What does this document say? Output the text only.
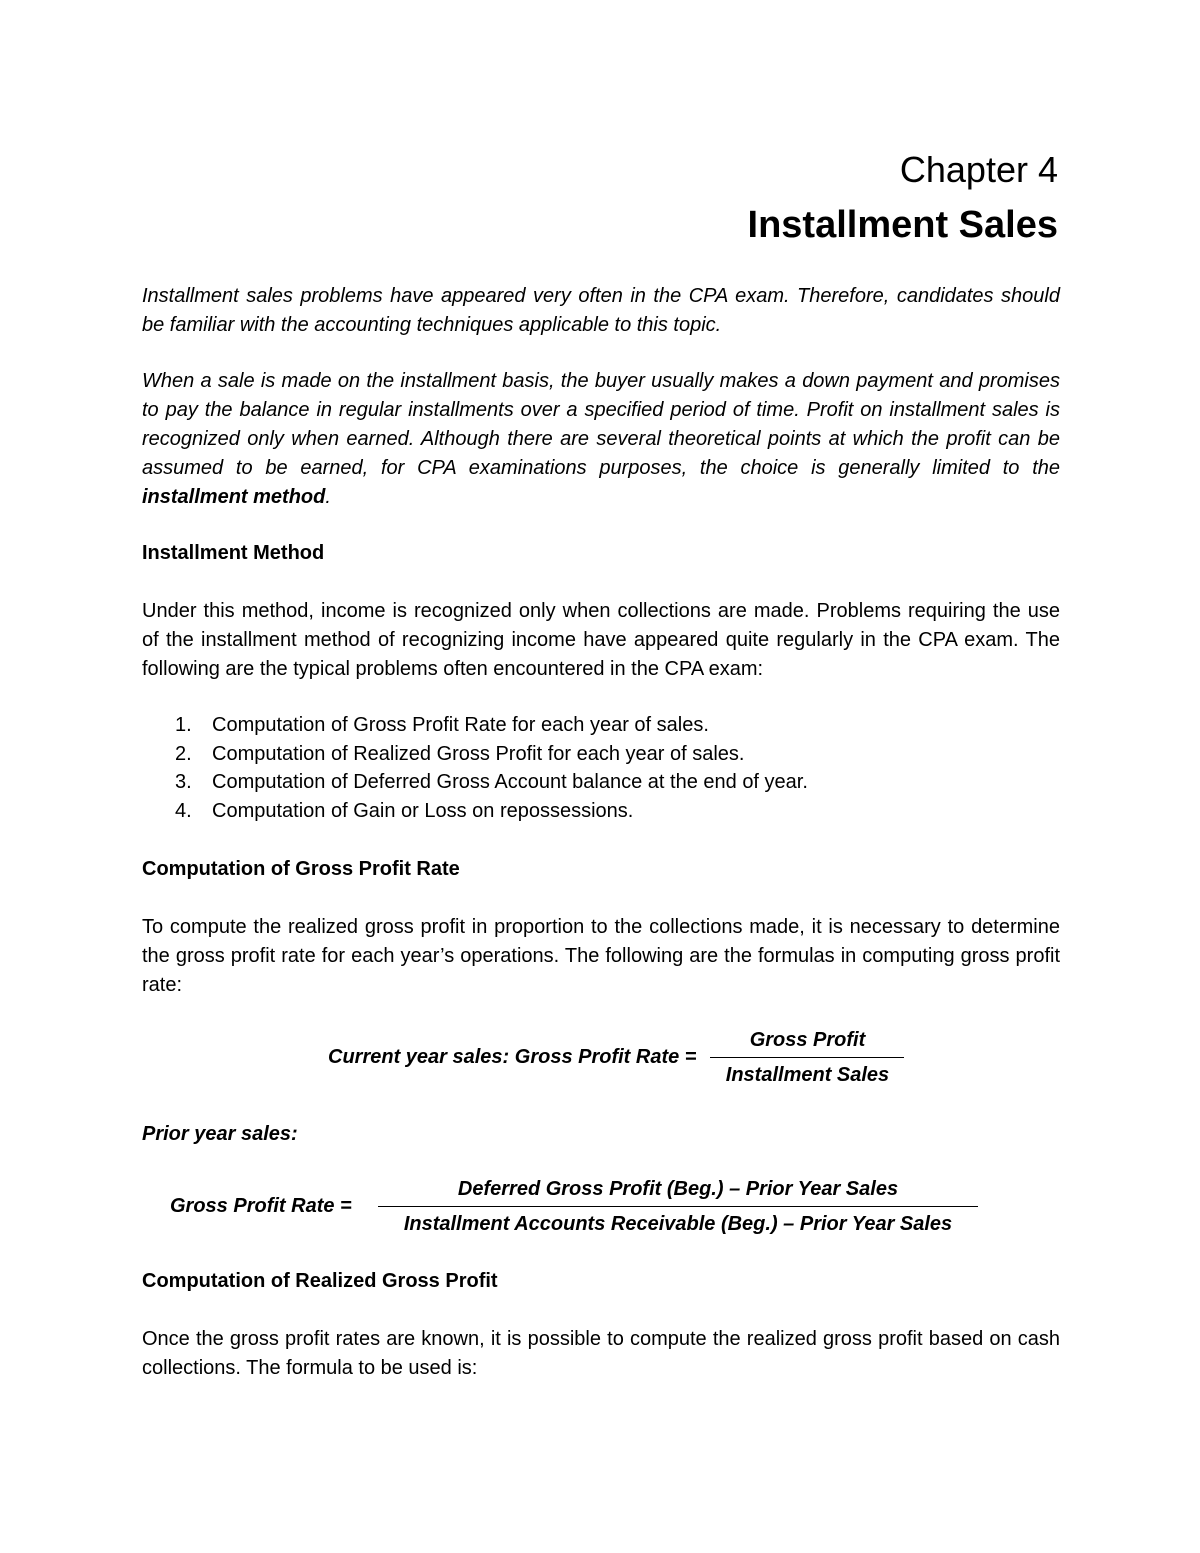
Chapter 4

Installment Sales

Installment sales problems have appeared very often in the CPA exam. Therefore, candidates should be familiar with the accounting techniques applicable to this topic.

When a sale is made on the installment basis, the buyer usually makes a down payment and promises to pay the balance in regular installments over a specified period of time. Profit on installment sales is recognized only when earned. Although there are several theoretical points at which the profit can be assumed to be earned, for CPA examinations purposes, the choice is generally limited to the installment method.

Installment Method

Under this method, income is recognized only when collections are made. Problems requiring the use of the installment method of recognizing income have appeared quite regularly in the CPA exam. The following are the typical problems often encountered in the CPA exam:

1. Computation of Gross Profit Rate for each year of sales.
2. Computation of Realized Gross Profit for each year of sales.
3. Computation of Deferred Gross Account balance at the end of year.
4. Computation of Gain or Loss on repossessions.

Computation of Gross Profit Rate

To compute the realized gross profit in proportion to the collections made, it is necessary to determine the gross profit rate for each year’s operations. The following are the formulas in computing gross profit rate:

Current year sales: Gross Profit Rate = $\frac{\text{Gross Profit}}{\text{Installment Sales}}$

Prior year sales:

Gross Profit Rate =	$\frac{\text{Deferred Gross Profit (Beg.) – Prior Year Sales}}{\text{Installment Accounts Receivable (Beg.) – Prior Year Sales}}$

Computation of Realized Gross Profit

Once the gross profit rates are known, it is possible to compute the realized gross profit based on cash collections. The formula to be used is:
